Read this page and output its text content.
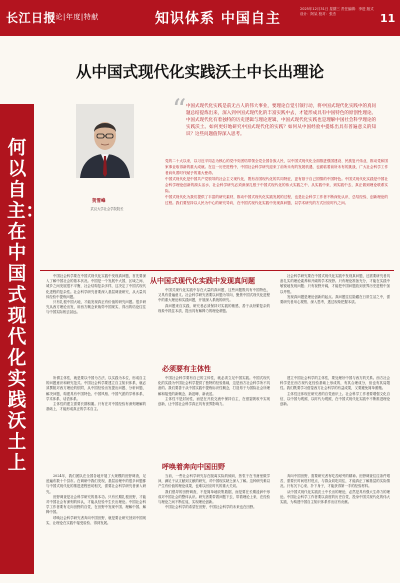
长江日报
理论|年度|特献	知识体系 中国自主
2025年12月31日 星期三 责任编辑：李进 版式设计：阿呆 校对：张杰	11
从中国式现代化实践沃土中长出理论
何以自主：在中国式现代化实践沃土上
贺雪峰
武汉大学社会学院院长
“ 中国式现代化实践是前无古人的伟大事业，要理论自觉引领行动，将中国式现代化实践中的真问题总结提炼出来，深入到中国式现代化的丰富实践中去，才能形成具有中国特色的原创性理论。中国式现代化有着独特的历史逻辑与理论逻辑，中国式现代化实践也是理解中国社会科学理论的实践沃土。如何更好地研究中国式现代化的实践？如何从中国经验中提炼出具有普遍意义的知识？这些问题值得深入思考。

党的二十大以来，以习近平同志为核心的党中央团结带领全党全国各族人民，以中国式现代化全面推进强国建设、民族复兴伟业，推动党和国家事业取得新的重大成就。在这一历史进程中，中国社会科学研究迎来了前所未有的发展机遇，也面临着前所未有的挑战，广大社会科学工作者肩负着时代赋予的重大使命。

中国式现代化是中国共产党领导的社会主义现代化，既有各国现代化的共同特征，更有基于自己国情的中国特色。中国式现代化实践是中国社会科学理论创新的源头活水，社会科学研究必须深深扎根于中国式现代化的伟大实践之中，从实践中来，到实践中去，真正做到理论联系实际。

中国式现代化为我们提供了丰富的研究素材，推动中国式现代化实践发展的过程，也是社会科学工作者不断深化认识、总结经验、创新理论的过程。我们要坚持以人民为中心的研究导向，在中国式现代化实践中发现真问题，以学术研究的方式回应时代之问。

从中国式现代化实践中发现真问题
必须要有主体性
呼唤着奔向中国田野

中国社会科学要在中国式现代化实践中发现真问题，首先要深入了解中国社会的基本状况。中国是一个发展中大国，区域之间、城乡之间发展很不平衡，社会结构复杂多样，这决定了中国式现代化进程的复杂性。社会科学研究者要深入基层调查研究，从大量具体经验中提炼问题。

只有扎根中国大地，才能发现真正有价值的研究问题。很多研究从西方理论出发，用西方概念来裁剪中国现实，得出的结论往往与中国实际相去甚远。

中国式现代化实践中存在大量的真问题，这些问题既具有中国特色，又具有普遍意义。社会科学研究者要以问题为导向，聚焦中国式现代化进程中的重大理论和实践问题，开展深入系统的研究。

真问题来自实践，研究者必须保持对实践的敏感，善于从纷繁复杂的现象中抓住本质，提出具有解释力的理论命题。

社会科学研究要在中国式现代化实践中发现真问题，还需要研究者具备扎实的理论素养和开阔的学术视野。只有理论准备充分，才能在实践中敏锐地发现问题；只有视野开阔，才能把中国问题放到世界历史进程中加以考察。

发现真问题是理论创新的起点。真问题往往隐藏在日常生活之中，需要研究者用心观察、深入思考，透过现象把握本质。

所谓主体性，就是要以中国为方法、以实践为本位，形成自主的问题意识和研究范式。中国社会科学要建立自主知识体系，就必须摆脱对西方理论的依附，从中国经验出发提出问题、分析问题、解决问题，构建具有中国特色、中国风格、中国气派的学科体系、学术体系、话语体系。

主体性的建立需要长期积累。只有在对中国经验有深刻理解的基础上，才能形成真正的学术自主。

中国社会科学要有自己的主体性，就必须立足中国实践。中国式现代化的实践为中国社会科学提供了独特的经验基础，这是西方社会科学所不具备的。我们要善于从中国实践中提炼标识性概念，打造易于为国际社会所理解和接受的新概念、新范畴、新表述。

主体性不是封闭性，而是在开放交流中保持自主，在借鉴吸收中实现创新，让中国社会科学真正具有世界影响力。

建立中国社会科学的主体性，要处理好中国与西方的关系。西方社会科学是在西方现代化经验基础上形成的，有其合理成分，但也有其局限性。我们既要学习借鉴西方社会科学的有益成果，又要避免简单照搬。

主体性还体现在研究者的自觉意识上。社会科学工作者要增强文化自信，以中国为观照、以时代为观照，在中国式现代化实践中不断推进理论创新。

2024年，我们团队在全国各地开展了大规模的田野调查，足迹遍布数十个县市。在调研中我们发现，基层治理中的很多问题都与中国式现代化的推进进程密切相关，需要社会科学研究者深入研究。

田野调查是社会科学研究的基本功。只有长期扎根田野，才能对中国社会有深刻的体认，才能从经验中生长出理论。中国社会科学工作者要有走向田野的自觉，在田野中发现中国、理解中国、解释中国。

呼唤社会科学研究者奔向中国田野，就是要让研究回到中国现实，让理论在实践中接受检验、得到发展。

当前，一些社会科学研究存在脱离实际的倾向，热衷于在书斋里做学问，满足于从文献到文献的研究，对中国现实缺乏深入了解。这种研究难以产生有价值的理论成果，也难以回应时代的重大关切。

我们倡导的田野调查，不是简单地收集数据，而是要在长期浸润中形成对中国社会的整体认识。研究者要带着问题下去，带着理论上来，在经验与理论之间不断往返，实现理论创新。

中国社会科学的希望在田野，中国社会科学的未来也在田野。

奔向中国田野，需要研究者有吃苦耐劳的精神。田野调查往往条件艰苦，需要长时间驻村驻点，与群众同吃同住，才能真正了解基层的实际情况。只有沉下心来、扑下身子，才能获得第一手的经验材料。

从中国式现代化实践沃土中长出的理论，必然是具有强大生命力的理论。中国社会科学工作者要以高度的历史自觉，投身中国式现代化的伟大实践，为构建中国自主知识体系作出应有贡献。
